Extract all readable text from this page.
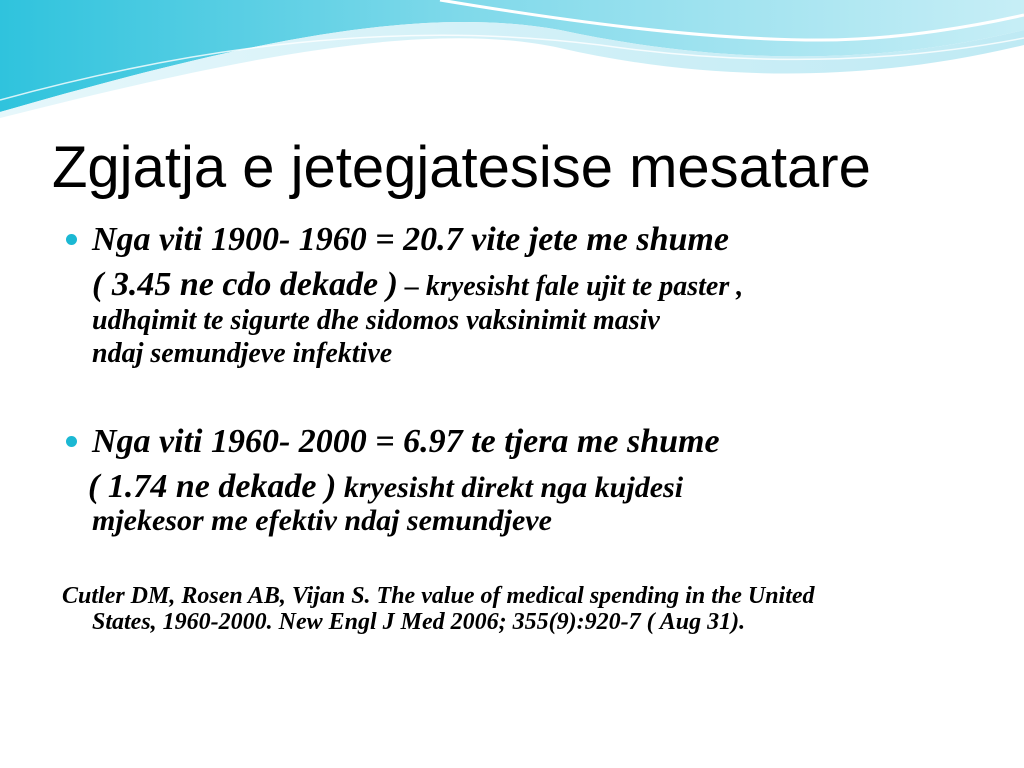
Zgjatja e jetegjatesise mesatare
Nga viti 1900- 1960 = 20.7 vite jete me shume
( 3.45 ne cdo dekade ) – kryesisht fale ujit te paster ,
udhqimit te sigurte dhe sidomos vaksinimit masiv
ndaj semundjeve infektive
Nga viti 1960- 2000 = 6.97 te tjera me shume
( 1.74 ne dekade ) kryesisht direkt nga kujdesi
mjekesor me efektiv ndaj semundjeve
Cutler DM, Rosen AB, Vijan S. The value of medical spending in the United
States, 1960-2000. New Engl J Med 2006; 355(9):920-7 ( Aug 31).
